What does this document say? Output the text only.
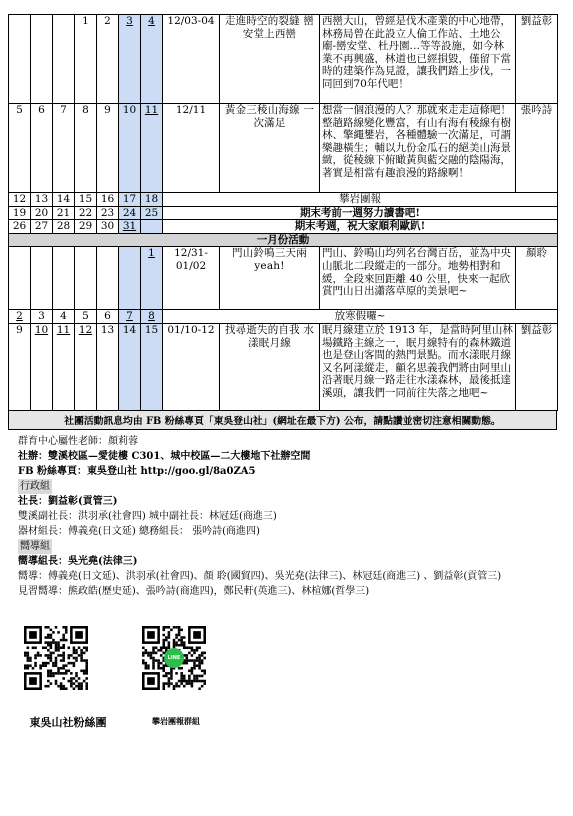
			1	2	3	4	12/03-04	走進時空的裂縫 巒安堂上西巒	西巒大山，曾經是伐木產業的中心地帶，林務局曾在此設立人倫工作站、土地公廟-巒安堂、杜丹園…等等設施，如今林業不再興盛，林道也已經損毀，僅留下當時的建築作為見證，讓我們踏上步伐，一同回到70年代吧！	劉益彰
5	6	7	8	9	10	11	12/11	黃金三稜山海線 一次滿足	想當一個浪漫的人？那就來走走這條吧！整趟路線變化豐富，有山有海有稜線有樹林、擎繩鐢岩，各種體驗一次滿足，可謂樂趣橫生；輔以九份金瓜石的絕美山海景緻，從稜線下俯瞰黃與藍交融的陰陽海，著實是相當有趣浪漫的路線啊！	張吟詩
12	13	14	15	16	17	18	攀岩團報			
19	20	21	22	23	24	25	期末考前一週努力讀書吧!			
26	27	28	29	30	31		期末考週，祝大家順利歐趴!			
一月份活動										
						1	12/31- 01/02	門山鈴鳴三天兩 yeah!	門山、鈴鳴山均列名台灣百岳，並為中央山脈北二段縱走的一部分。地勢相對和緩，全段來回距離 40 公里，快來一起欣賞門山日出瀟落草原的美景吧~	顏聆
2	3	4	5	6	7	8	放寒假囉~			
9	10	11	12	13	14	15	01/10-12	找尋逝失的自我 水漾眠月線	眠月線建立於 1913 年，是當時阿里山林場鐵路主線之一，眠月線特有的森林鐵道也是登山客間的熱門景點。而水漾眠月線又名阿漾縱走，顧名思義我們將由阿里山沿著眠月線一路走往水漾森林，最後抵達溪頭，讓我們一同前往失落之地吧~	劉益彰
社團活動訊息均由 FB 粉絲專頁「東吳登山社」(網址在最下方) 公布，請點讚並密切注意相關動態。
群育中心屬性老師：顏莉蓉
社辦：雙溪校區—愛徒樓 C301、城中校區—二大樓地下社辦空間
FB 粉絲專頁：東吳登山社 http://goo.gl/8a0ZA5
行政組
社長：劉益彰(貢管三)
雙溪副社長：洪羽承(社會四) 城中副社長：林冠廷(商進三)
器材組長：傅義堯(日文延) 總務組長： 張吟詩(商進四)
嚮導組
嚮導組長：吳光堯(法律三)
嚮導：傅義堯(日文延)、洪羽承(社會四)、顏 聆(國貿四)、吳光堯(法律三)、林冠廷(商進三) 、劉益彰(貢管三)
見習嚮導：熊政皓(歷史延)、張吟詩(商進四)，鄭民軒(英進三)、林楦娜(哲學三)
LINE
東吳山社粉絲團	攀岩團報群組
